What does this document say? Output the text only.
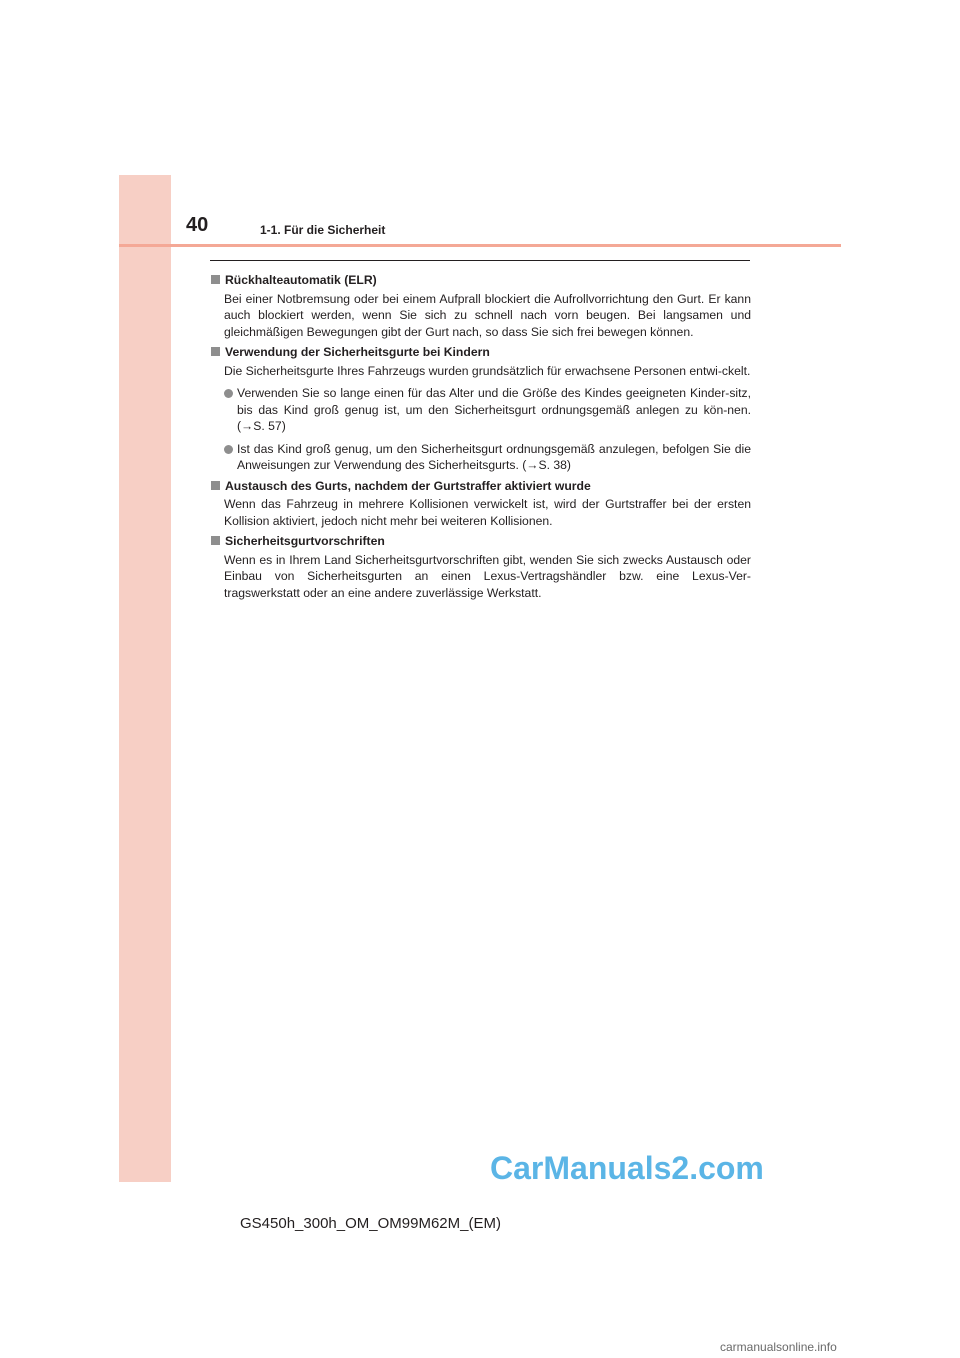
40	1-1. Für die Sicherheit
Rückhalteautomatik (ELR)
Bei einer Notbremsung oder bei einem Aufprall blockiert die Aufrollvorrichtung den Gurt. Er kann auch blockiert werden, wenn Sie sich zu schnell nach vorn beugen. Bei langsamen und gleichmäßigen Bewegungen gibt der Gurt nach, so dass Sie sich frei bewegen können.
Verwendung der Sicherheitsgurte bei Kindern
Die Sicherheitsgurte Ihres Fahrzeugs wurden grundsätzlich für erwachsene Personen entwi-ckelt.
Verwenden Sie so lange einen für das Alter und die Größe des Kindes geeigneten Kinder-sitz, bis das Kind groß genug ist, um den Sicherheitsgurt ordnungsgemäß anlegen zu kön-nen. (→S. 57)
Ist das Kind groß genug, um den Sicherheitsgurt ordnungsgemäß anzulegen, befolgen Sie die Anweisungen zur Verwendung des Sicherheitsgurts. (→S. 38)
Austausch des Gurts, nachdem der Gurtstraffer aktiviert wurde
Wenn das Fahrzeug in mehrere Kollisionen verwickelt ist, wird der Gurtstraffer bei der ersten Kollision aktiviert, jedoch nicht mehr bei weiteren Kollisionen.
Sicherheitsgurtvorschriften
Wenn es in Ihrem Land Sicherheitsgurtvorschriften gibt, wenden Sie sich zwecks Austausch oder Einbau von Sicherheitsgurten an einen Lexus-Vertragshändler bzw. eine Lexus-Ver-tragswerkstatt oder an eine andere zuverlässige Werkstatt.
CarManuals2.com
GS450h_300h_OM_OM99M62M_(EM)
carmanualsonline.info
